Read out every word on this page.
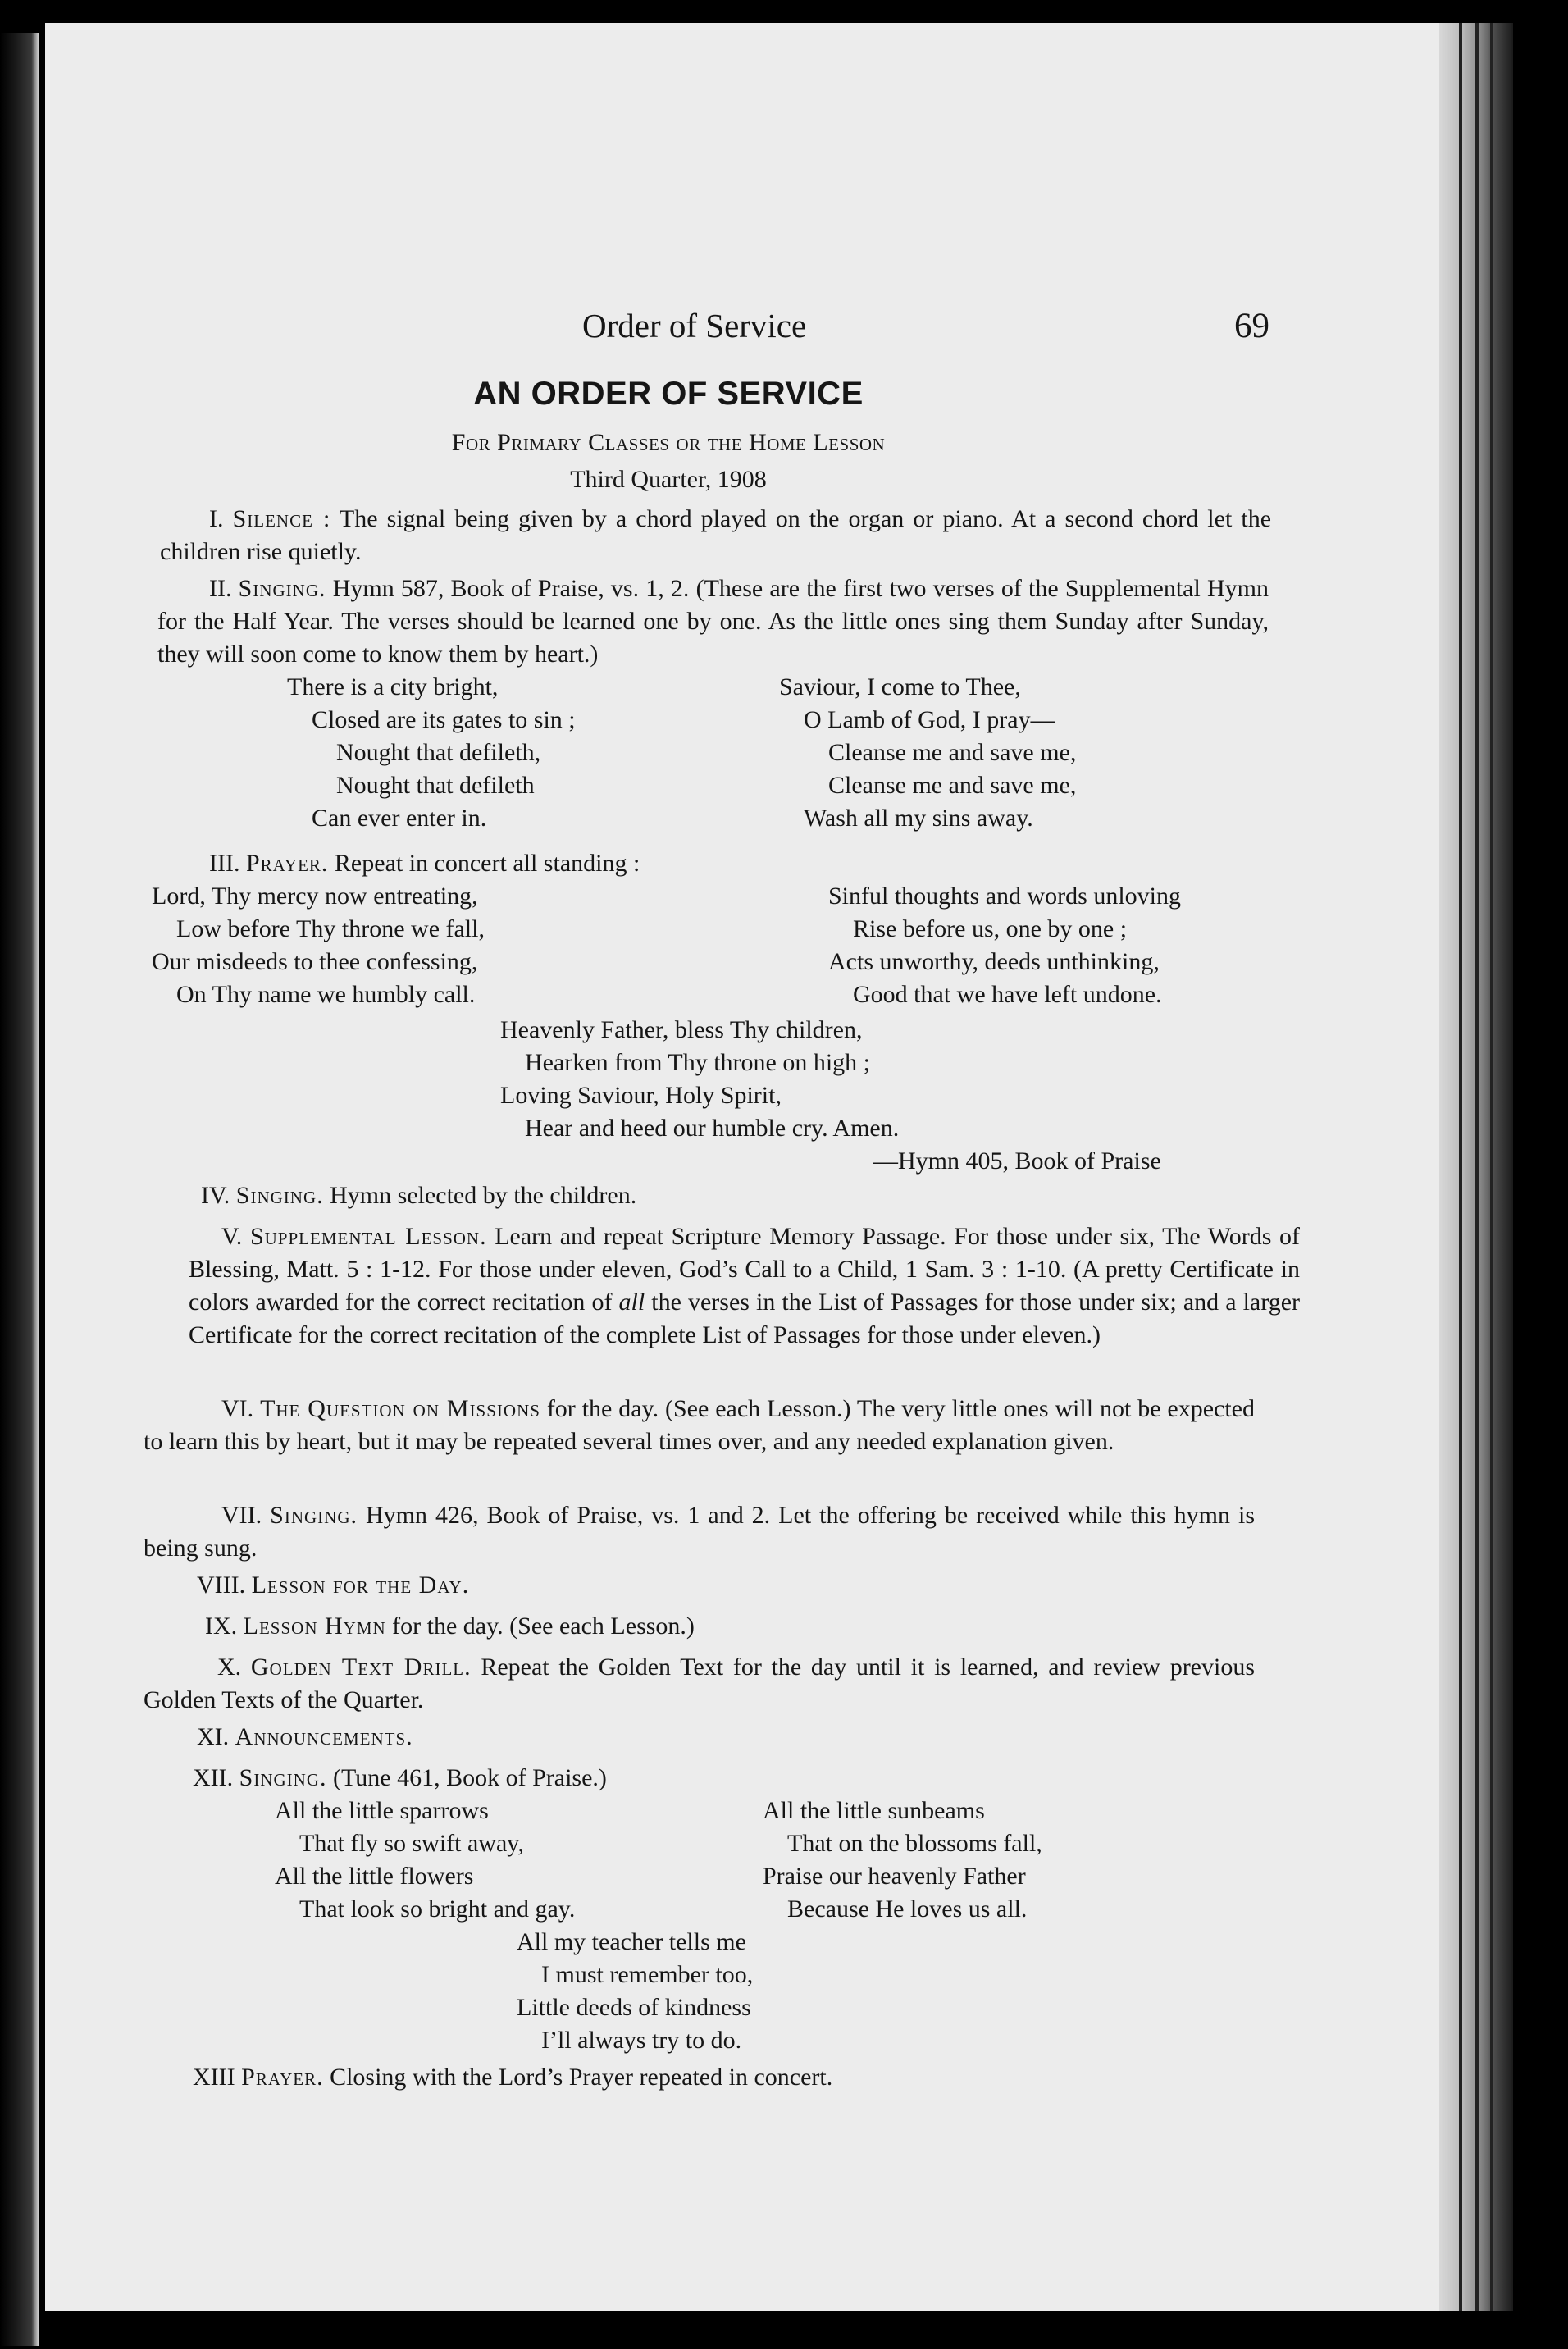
Order of Service	69
AN ORDER OF SERVICE
For Primary Classes or the Home Lesson
Third Quarter, 1908
I. Silence : The signal being given by a chord played on the organ or piano. At a second chord let the children rise quietly.
II. Singing. Hymn 587, Book of Praise, vs. 1, 2. (These are the first two verses of the Supplemental Hymn for the Half Year. The verses should be learned one by one. As the little ones sing them Sunday after Sunday, they will soon come to know them by heart.)
There is a city bright,
Closed are its gates to sin ;
Nought that defileth,
Nought that defileth
Can ever enter in.
Saviour, I come to Thee,
O Lamb of God, I pray—
Cleanse me and save me,
Cleanse me and save me,
Wash all my sins away.
III. Prayer. Repeat in concert all standing :
Lord, Thy mercy now entreating,
Low before Thy throne we fall,
Our misdeeds to thee confessing,
On Thy name we humbly call.
Sinful thoughts and words unloving
Rise before us, one by one ;
Acts unworthy, deeds unthinking,
Good that we have left undone.
Heavenly Father, bless Thy children,
Hearken from Thy throne on high ;
Loving Saviour, Holy Spirit,
Hear and heed our humble cry. Amen.
—Hymn 405, Book of Praise
IV. Singing. Hymn selected by the children.
V. Supplemental Lesson. Learn and repeat Scripture Memory Passage. For those under six, The Words of Blessing, Matt. 5 : 1-12. For those under eleven, God’s Call to a Child, 1 Sam. 3 : 1-10. (A pretty Certificate in colors awarded for the correct recitation of all the verses in the List of Passages for those under six; and a larger Certificate for the correct recitation of the complete List of Passages for those under eleven.)
VI. The Question on Missions for the day. (See each Lesson.) The very little ones will not be expected to learn this by heart, but it may be repeated several times over, and any needed explanation given.
VII. Singing. Hymn 426, Book of Praise, vs. 1 and 2. Let the offering be received while this hymn is being sung.
VIII. Lesson for the Day.
IX. Lesson Hymn for the day. (See each Lesson.)
X. Golden Text Drill. Repeat the Golden Text for the day until it is learned, and review previous Golden Texts of the Quarter.
XI. Announcements.
XII. Singing. (Tune 461, Book of Praise.)
All the little sparrows
That fly so swift away,
All the little flowers
That look so bright and gay.
All the little sunbeams
That on the blossoms fall,
Praise our heavenly Father
Because He loves us all.
All my teacher tells me
I must remember too,
Little deeds of kindness
I’ll always try to do.
XIII Prayer. Closing with the Lord’s Prayer repeated in concert.
